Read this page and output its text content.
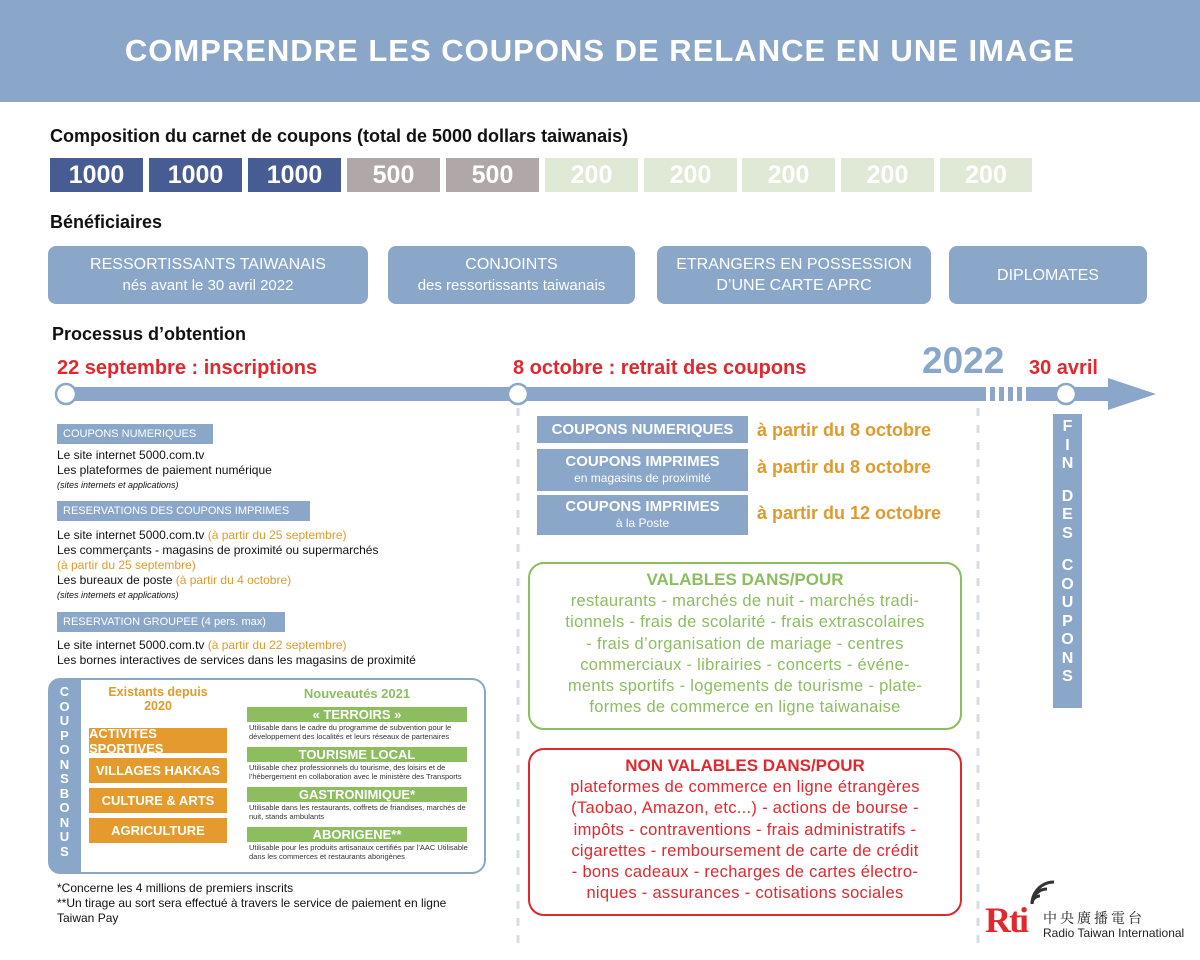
COMPRENDRE LES COUPONS DE RELANCE EN UNE IMAGE
Composition du carnet de coupons (total de 5000 dollars taiwanais)
1000	1000	1000	500	500	200	200	200	200	200
Bénéficiaires
RESSORTISSANTS TAIWANAIS
nés avant le 30 avril 2022
CONJOINTS
des ressortissants taiwanais
ETRANGERS EN POSSESSION
D’UNE CARTE APRC
DIPLOMATES
Processus d’obtention
22 septembre : inscriptions	8 octobre : retrait des coupons	2022 30 avril
COUPONS NUMERIQUES
Le site internet 5000.com.tv
Les plateformes de paiement numérique
(sites internets et applications)
RESERVATIONS DES COUPONS IMPRIMES
Le site internet 5000.com.tv (à partir du 25 septembre)
Les commerçants - magasins de proximité ou supermarchés
(à partir du 25 septembre)
Les bureaux de poste (à partir du 4 octobre)
(sites internets et applications)
RESERVATION GROUPEE (4 pers. max)
Le site internet 5000.com.tv (à partir du 22 septembre)
Les bornes interactives de services dans les magasins de proximité
C
O
U
P
O
N
S
B
O
N
U
S
Existants depuis 2020
ACTIVITES SPORTIVES
VILLAGES HAKKAS
CULTURE & ARTS
AGRICULTURE
Nouveautés 2021
« TERROIRS »
Utilisable dans le cadre du programme de subvention pour le développement des localités et leurs réseaux de partenaires
TOURISME LOCAL
Utilisable chez professionnels du tourisme, des loisirs et de l’hébergement en collaboration avec le ministère des Transports
GASTRONIMIQUE*
Utilisable dans les restaurants, coffrets de friandises, marchés de nuit, stands ambulants
ABORIGENE**
Utilisable pour les produits artisanaux certifiés par l’AAC Utilisable dans les commerces et restaurants aborigènes
*Concerne les 4 millions de premiers inscrits
**Un tirage au sort sera effectué à travers le service de paiement en ligne
Taiwan Pay
COUPONS NUMERIQUES à partir du 8 octobre
COUPONS IMPRIMES
en magasins de proximité
à partir du 8 octobre
COUPONS IMPRIMES
à la Poste	à partir du 12 octobre
VALABLES DANS/POUR
restaurants - marchés de nuit - marchés tradi-
tionnels - frais de scolarité - frais extrascolaires
- frais d’organisation de mariage - centres
commerciaux - librairies - concerts - événe-
ments sportifs - logements de tourisme - plate-
formes de commerce en ligne taiwanaise
NON VALABLES DANS/POUR
plateformes de commerce en ligne étrangères
(Taobao, Amazon, etc...) - actions de bourse -
impôts - contraventions - frais administratifs -
cigarettes - remboursement de carte de crédit
- bons cadeaux - recharges de cartes électro-
niques - assurances - cotisations sociales
F
I
N
D
E
S
C
O
U
P
O
N
S
Rti 中央廣播電台
Radio Taiwan International
